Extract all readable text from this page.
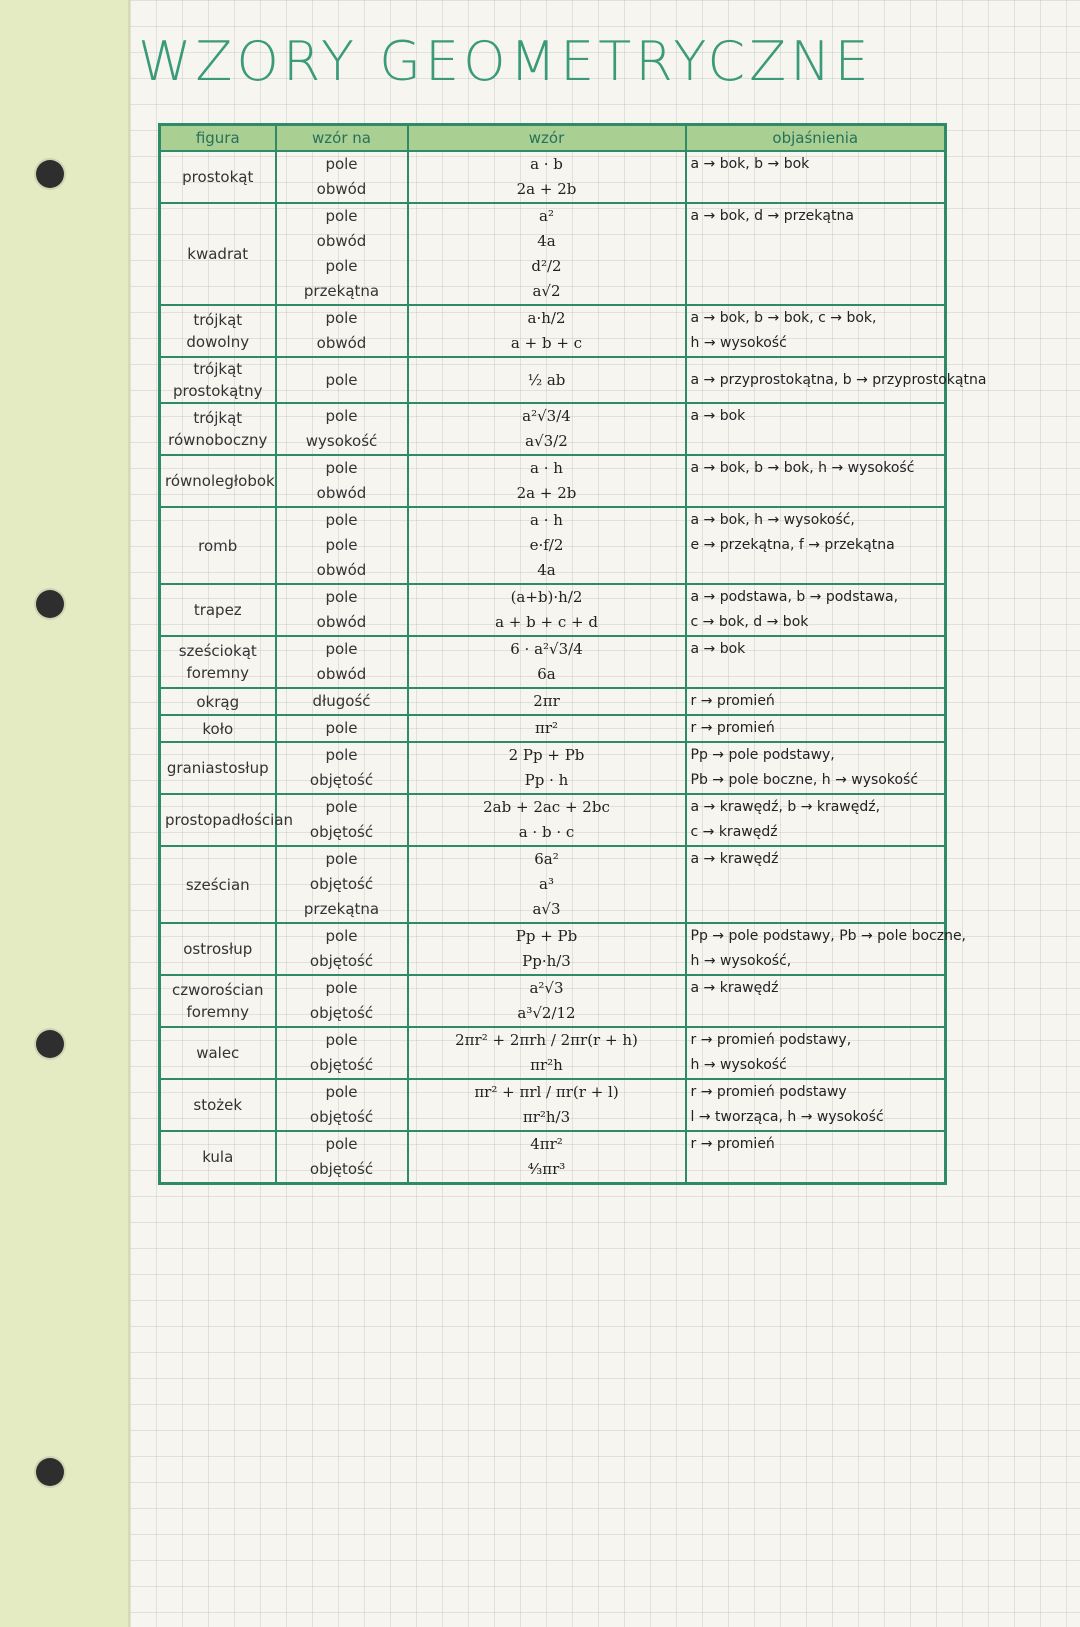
WZORY GEOMETRYCZNE
figura	wzór na	wzór	objaśnienia
prostokąt	pole	a · b	a → bok, b → bok
	obwód	2a + 2b	
kwadrat	pole	a²	a → bok, d → przekątna
	obwód	4a	
	pole	d²/2	
	przekątna	a√2	
trójkąt dowolny	pole	a·h/2	a → bok, b → bok, c → bok,
	obwód	a + b + c	h → wysokość
trójkąt prostokątny	pole	½ ab	a → przyprostokątna, b → przyprostokątna
trójkąt równoboczny	pole	a²√3/4	a → bok
	wysokość	a√3/2	
równoległobok	pole	a · h	a → bok, b → bok, h → wysokość
	obwód	2a + 2b	
romb	pole	a · h	a → bok, h → wysokość,
	pole	e·f/2	e → przekątna, f → przekątna
	obwód	4a	
trapez	pole	(a+b)·h/2	a → podstawa, b → podstawa,
	obwód	a + b + c + d	c → bok, d → bok
sześciokąt foremny	pole	6 · a²√3/4	a → bok
	obwód	6a	
okrąg	długość	2πr	r → promień
koło	pole	πr²	r → promień
graniastosłup	pole	2 Pp + Pb	Pp → pole podstawy,
	objętość	Pp · h	Pb → pole boczne, h → wysokość
prostopadłościan	pole	2ab + 2ac + 2bc	a → krawędź, b → krawędź,
	objętość	a · b · c	c → krawędź
sześcian	pole	6a²	a → krawędź
	objętość	a³	
	przekątna	a√3	
ostrosłup	pole	Pp + Pb	Pp → pole podstawy, Pb → pole boczne,
	objętość	Pp·h/3	h → wysokość,
czworościan foremny	pole	a²√3	a → krawędź
	objętość	a³√2/12	
walec	pole	2πr² + 2πrh / 2πr(r + h)	r → promień podstawy,
	objętość	πr²h	h → wysokość
stożek	pole	πr² + πrl / πr(r + l)	r → promień podstawy
	objętość	πr²h/3	l → tworząca, h → wysokość
kula	pole	4πr²	r → promień
	objętość	⁴⁄₃πr³	
